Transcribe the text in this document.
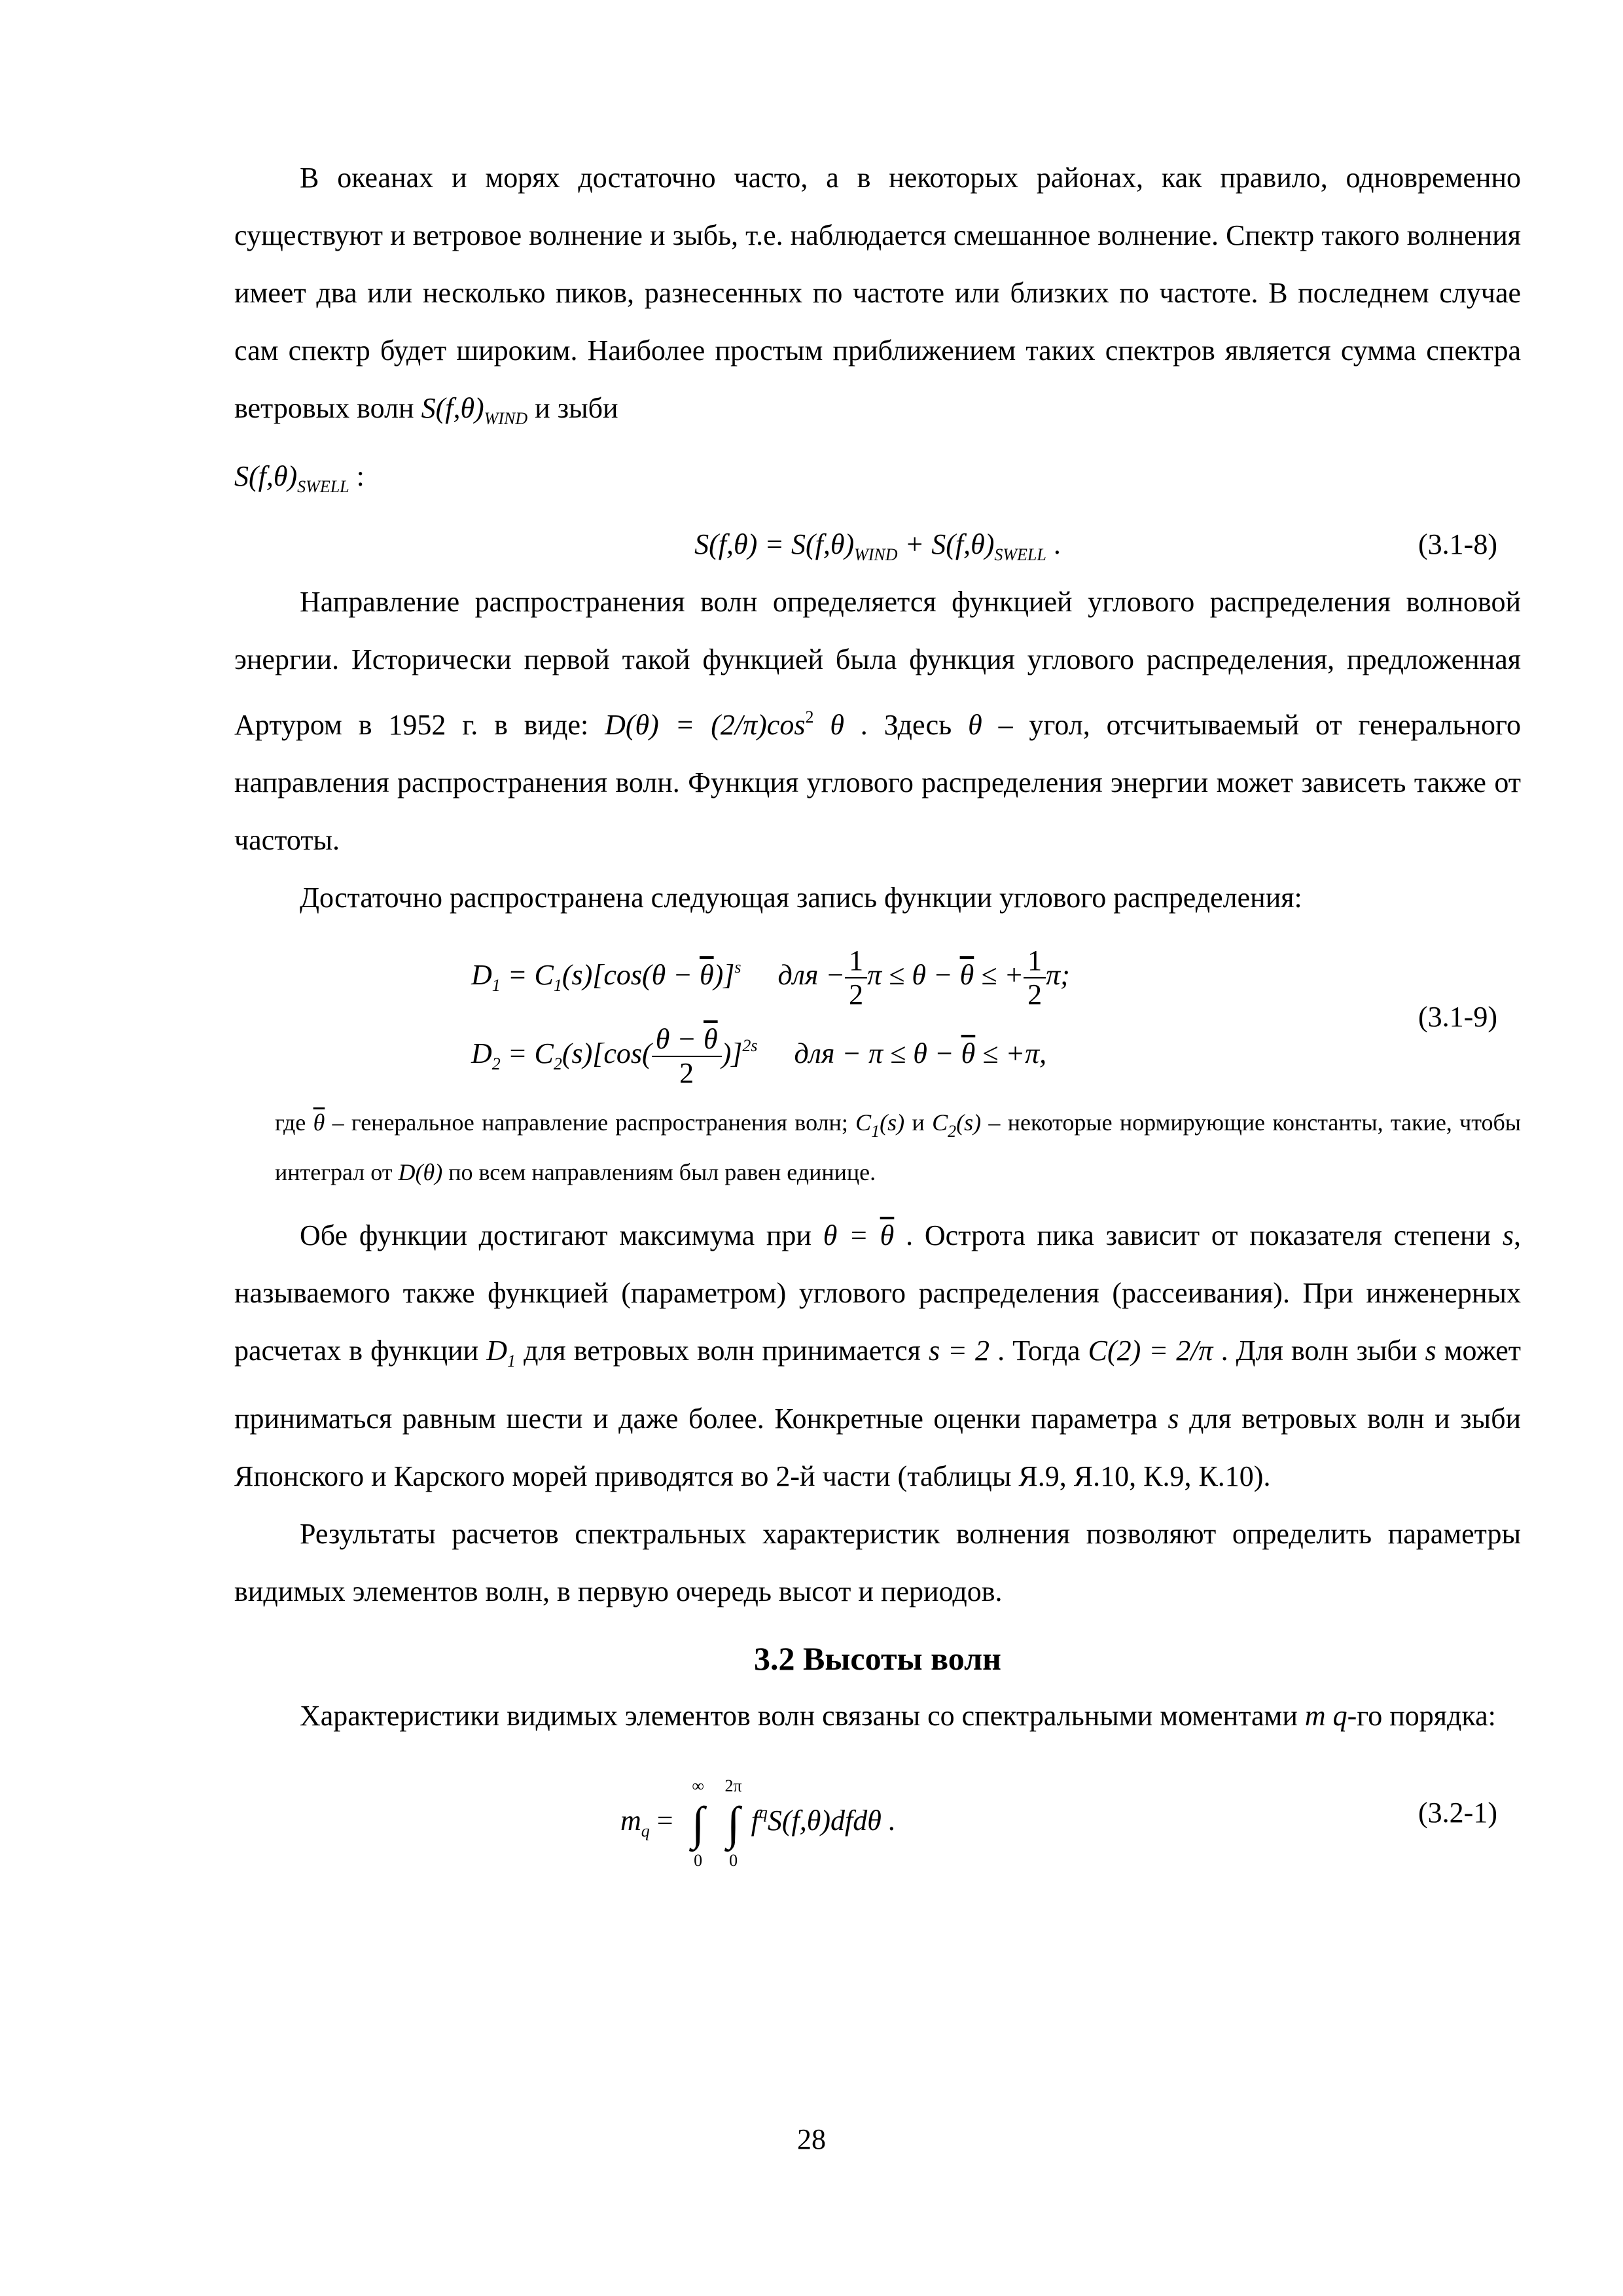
В океанах и морях достаточно часто, а в некоторых районах, как правило, одновременно существуют и ветровое волнение и зыбь, т.е. наблюдается смешанное волнение. Спектр такого волнения имеет два или несколько пиков, разнесенных по частоте или близких по частоте. В последнем случае сам спектр будет широким. Наиболее простым приближением таких спектров является сумма спектра ветровых волн $S(f,\theta)_{WIND}$ и зыби
$S(f,\theta)_{SWELL}$ :

$S(f,\theta) = S(f,\theta)_{WIND} + S(f,\theta)_{SWELL}$ .	(3.1-8)

Направление распространения волн определяется функцией углового распределения волновой энергии. Исторически первой такой функцией была функция углового распределения, предложенная Артуром в 1952 г. в виде: $D(\theta) = (2/\pi)\cos^2$ θ . Здесь θ – угол, отсчитываемый от генерального направления распространения волн. Функция углового распределения энергии может зависеть также от частоты.

Достаточно распространена следующая запись функции углового распределения:

$D_1 = C_1(s)[\cos(\theta - \overline{\theta})]^s$ для − $\frac{1}{2}$ $\pi \le \theta - \overline{\theta}$ ≤ + $\frac{1}{2} \pi$;
$D_2 = C_2(s)[\cos( \frac{\theta - \overline{\theta}}{2} )]^{2s}$ для − $\pi \le \theta - \overline{\theta} \le +\pi$,
(3.1-9)

где $\overline{\theta}$ – генеральное направление распространения волн; $C_1(s)$ и $C_2(s)$ – некоторые нормирующие константы, такие, чтобы интеграл от D(θ) по всем направлениям был равен единице.

Обе функции достигают максимума при $\theta = \overline{\theta}$ . Острота пика зависит от показателя степени s, называемого также функцией (параметром) углового распределения (рассеивания). При инженерных расчетах в функции $D_1$ для ветровых волн принимается s = 2 . Тогда C(2) = 2/π . Для волн зыби s может приниматься равным шести и даже более. Конкретные оценки параметра s для ветровых волн и зыби Японского и Карского морей приводятся во 2-й части (таблицы Я.9, Я.10, К.9, К.10).

Результаты расчетов спектральных характеристик волнения позволяют определить параметры видимых элементов волн, в первую очередь высот и периодов.

3.2 Высоты волн

Характеристики видимых элементов волн связаны со спектральными моментами m q-го порядка:

$m_q$ =
∞
∫
0
2π
∫
0
$f^qS(f,\theta)dfd\theta$ .	(3.2-1)
28
